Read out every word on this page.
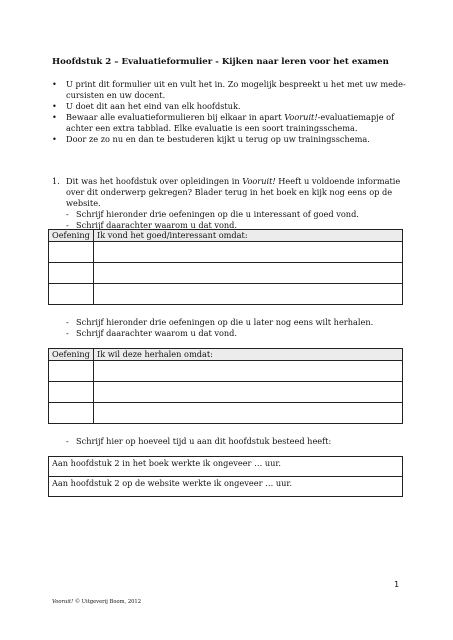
Hoofdstuk 2 – Evaluatieformulier - Kijken naar leren voor het examen
• U print dit formulier uit en vult het in. Zo mogelijk bespreekt u het met uw mede-cursisten en uw docent.
• U doet dit aan het eind van elk hoofdstuk.
• Bewaar alle evaluatieformulieren bij elkaar in apart Vooruit!-evaluatiemapje of achter een extra tabblad. Elke evaluatie is een soort trainingsschema.
• Door ze zo nu en dan te bestuderen kijkt u terug op uw trainingsschema.
1. Dit was het hoofdstuk over opleidingen in Vooruit! Heeft u voldoende informatie over dit onderwerp gekregen? Blader terug in het boek en kijk nog eens op de website.
- Schrijf hieronder drie oefeningen op die u interessant of goed vond.
- Schrijf daarachter waarom u dat vond.
Oefening	Ik vond het goed/interessant omdat:

- Schrijf hieronder drie oefeningen op die u later nog eens wilt herhalen.
- Schrijf daarachter waarom u dat vond.
Oefening	Ik wil deze herhalen omdat:

- Schrijf hier op hoeveel tijd u aan dit hoofdstuk besteed heeft:
Aan hoofdstuk 2 in het boek werkte ik ongeveer … uur.
Aan hoofdstuk 2 op de website werkte ik ongeveer … uur.
1
Vooruit! © Uitgeverij Boom, 2012
